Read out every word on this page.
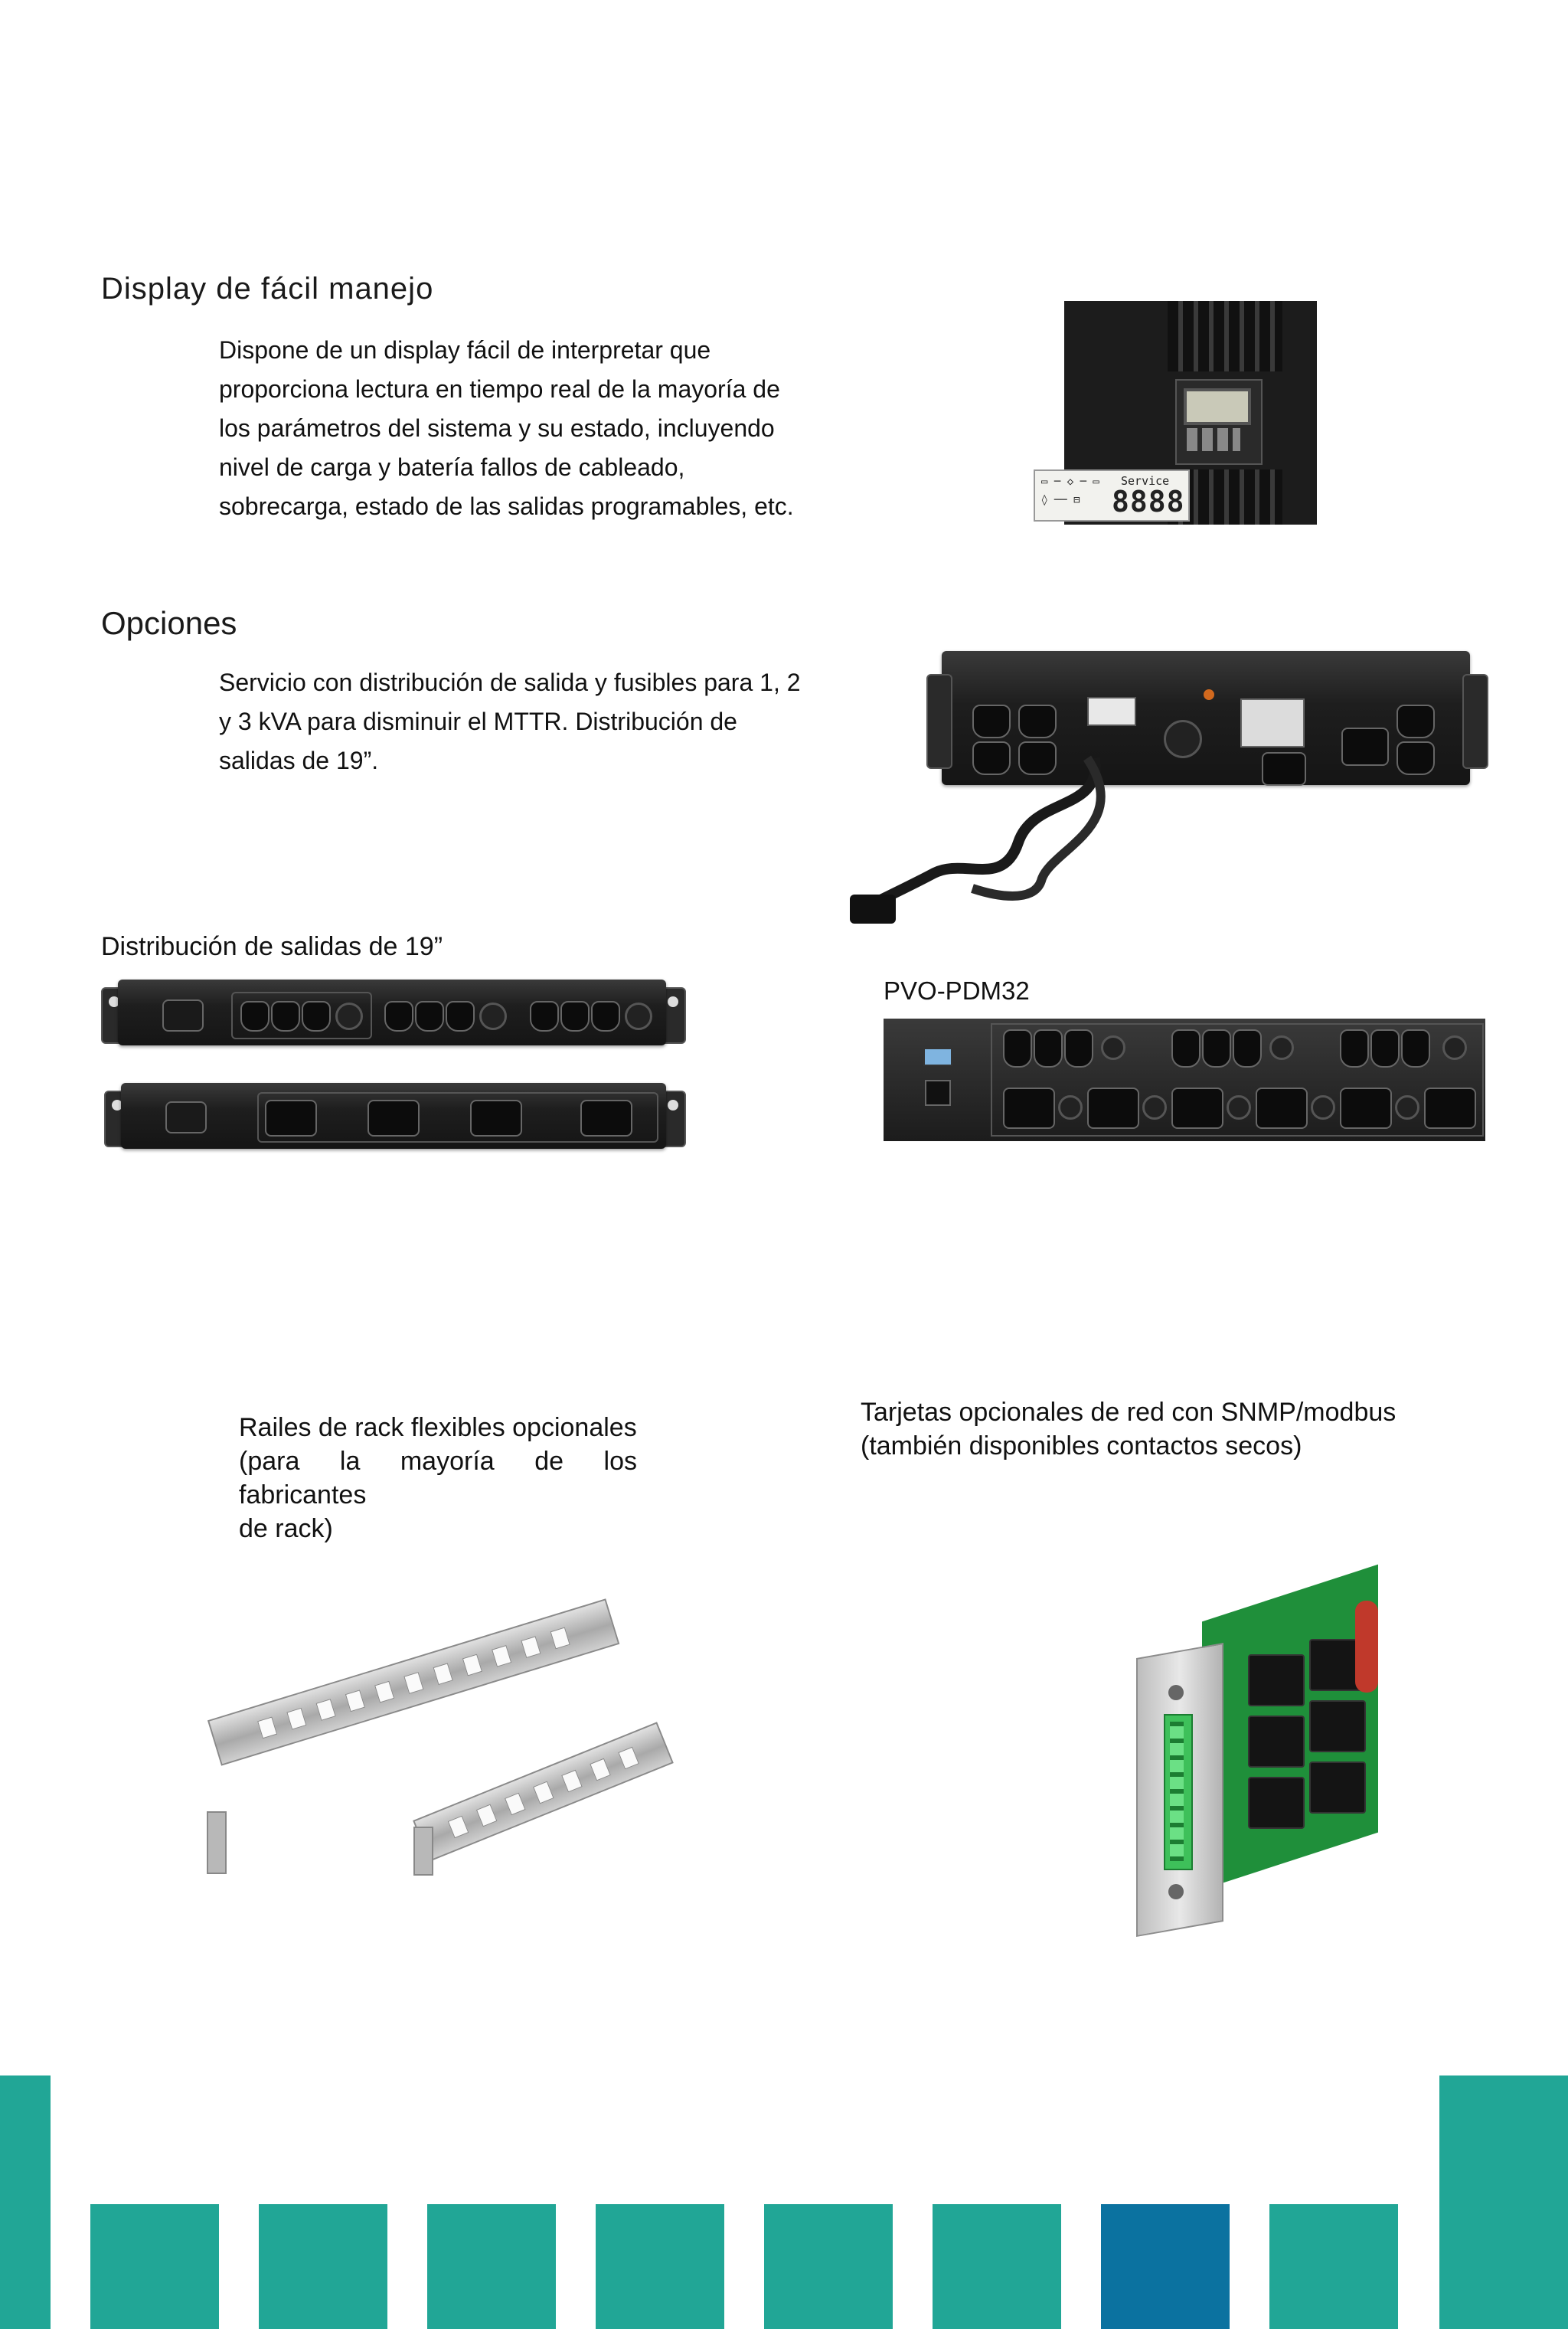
Display de fácil manejo
Dispone de un display fácil de interpretar que
proporciona lectura en tiempo real de la mayoría de
los parámetros del sistema y su estado, incluyendo
nivel de carga y batería fallos de cableado,
sobrecarga, estado de las salidas programables, etc.
▭ ─ ◇ ─ ▭
◊ ── ⊟
Service
8888
Opciones
Servicio con distribución de salida y fusibles para 1, 2
y 3 kVA para disminuir el MTTR. Distribución de
salidas de 19”.
Distribución de salidas de 19”
PVO-PDM32
Railes de rack flexibles opcionales
(para la mayoría de los fabricantes
de rack)
Tarjetas opcionales de red con SNMP/modbus
(también disponibles contactos secos)
